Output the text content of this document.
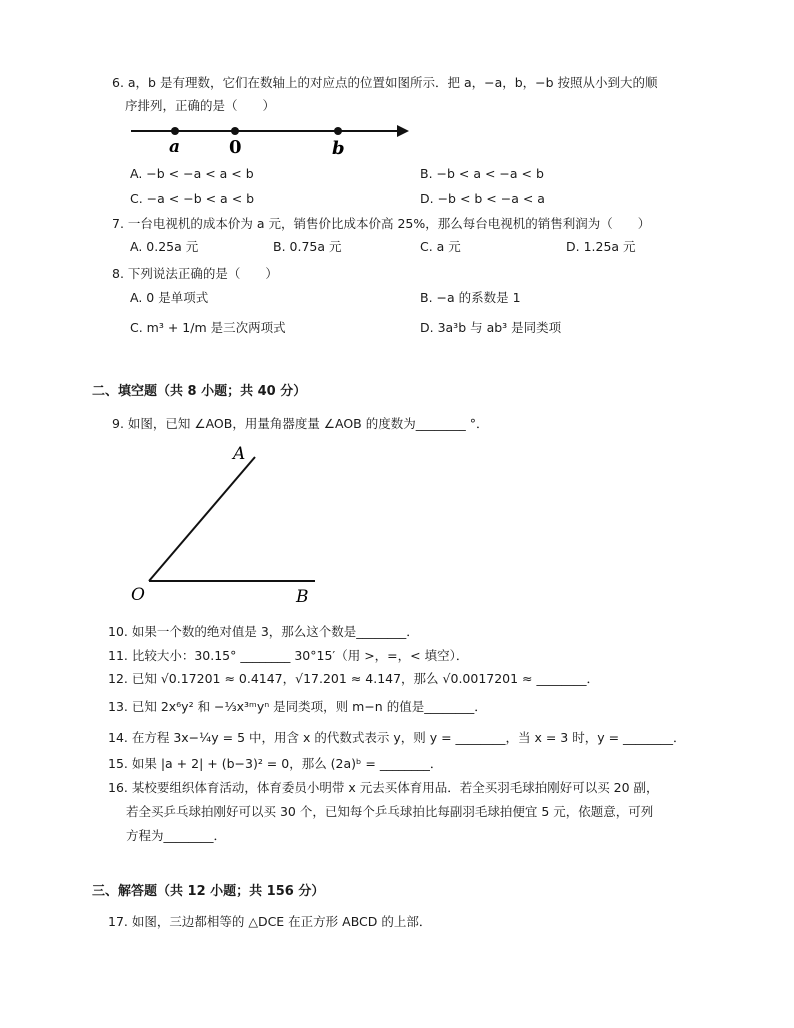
6. a，b 是有理数，它们在数轴上的对应点的位置如图所示．把 a，−a，b，−b 按照从小到大的顺
序排列，正确的是（　　）
a	0	b
A. −b < −a < a < b	B. −b < a < −a < b
C. −a < −b < a < b	D. −b < b < −a < a
7. 一台电视机的成本价为 a 元，销售价比成本价高 25%，那么每台电视机的销售利润为（　　）
A. 0.25a 元	B. 0.75a 元	C. a 元	D. 1.25a 元
8. 下列说法正确的是（　　）
A. 0 是单项式	B. −a 的系数是 1
C. m³ + 1/m 是三次两项式	D. 3a³b 与 ab³ 是同类项
二、填空题（共 8 小题；共 40 分）
9. 如图，已知 ∠AOB，用量角器度量 ∠AOB 的度数为________ °．
A
O	B
10. 如果一个数的绝对值是 3，那么这个数是________．
11. 比较大小：30.15° ________ 30°15′（用 >，=，< 填空）．
12. 已知 √0.17201 ≈ 0.4147，√17.201 ≈ 4.147，那么 √0.0017201 ≈ ________．
13. 已知 2x⁶y² 和 −⅓x³ᵐyⁿ 是同类项，则 m−n 的值是________．
14. 在方程 3x−¼y = 5 中，用含 x 的代数式表示 y，则 y = ________，当 x = 3 时，y = ________．
15. 如果 |a + 2| + (b−3)² = 0，那么 (2a)ᵇ = ________．
16. 某校要组织体育活动，体育委员小明带 x 元去买体育用品．若全买羽毛球拍刚好可以买 20 副，
若全买乒乓球拍刚好可以买 30 个，已知每个乒乓球拍比每副羽毛球拍便宜 5 元，依题意，可列
方程为________．
三、解答题（共 12 小题；共 156 分）
17. 如图，三边都相等的 △DCE 在正方形 ABCD 的上部．
